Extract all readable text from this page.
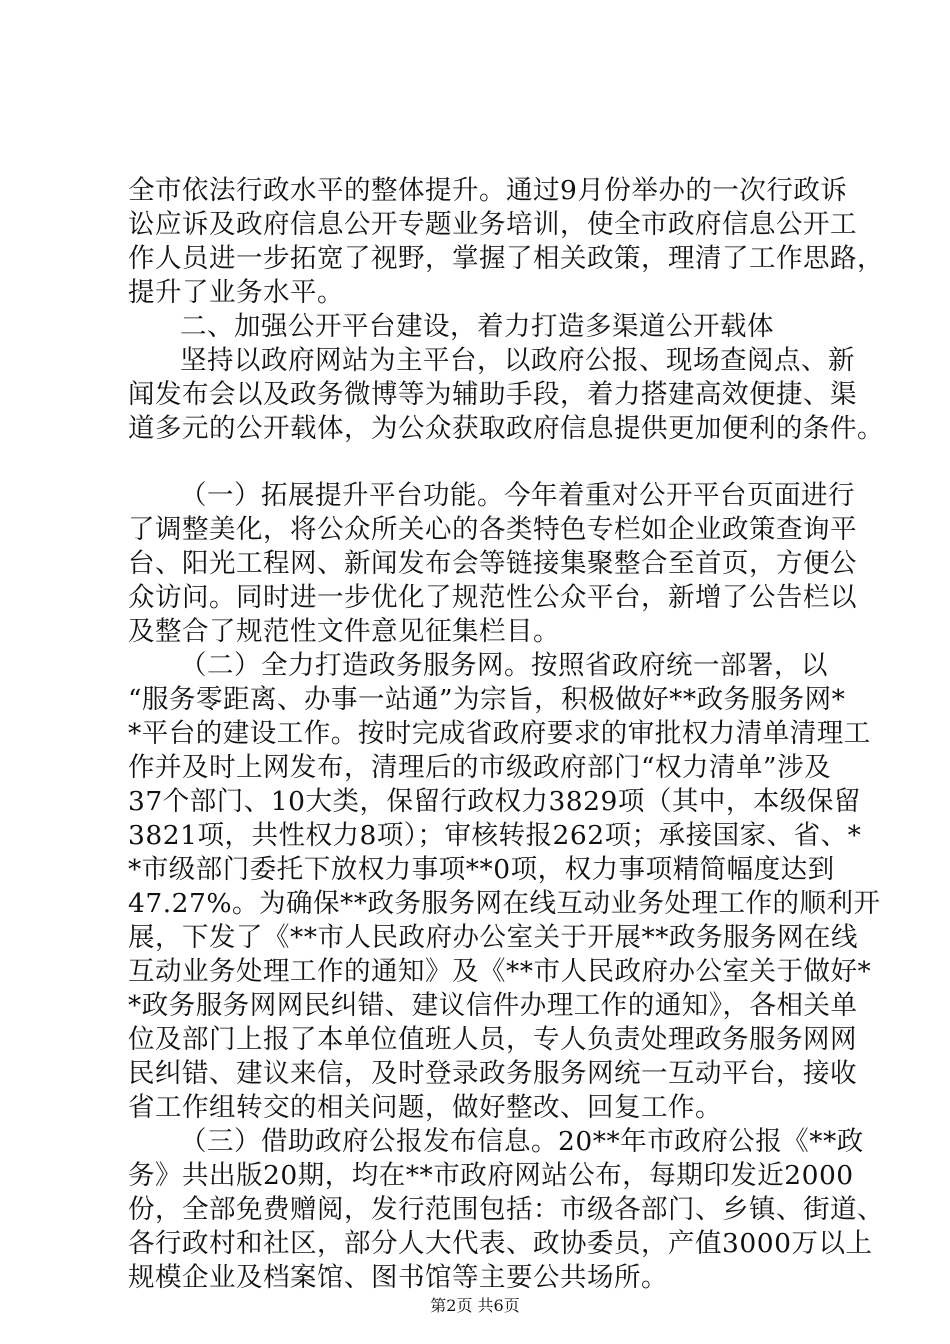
全市依法行政水平的整体提升。通过9月份举办的一次行政诉
讼应诉及政府信息公开专题业务培训，使全市政府信息公开工
作人员进一步拓宽了视野，掌握了相关政策，理清了工作思路，
提升了业务水平。
二、加强公开平台建设，着力打造多渠道公开载体
坚持以政府网站为主平台，以政府公报、现场查阅点、新
闻发布会以及政务微博等为辅助手段，着力搭建高效便捷、渠
道多元的公开载体，为公众获取政府信息提供更加便利的条件。
（一）拓展提升平台功能。今年着重对公开平台页面进行
了调整美化，将公众所关心的各类特色专栏如企业政策查询平
台、阳光工程网、新闻发布会等链接集聚整合至首页，方便公
众访问。同时进一步优化了规范性公众平台，新增了公告栏以
及整合了规范性文件意见征集栏目。
（二）全力打造政务服务网。按照省政府统一部署，以
“服务零距离、办事一站通”为宗旨，积极做好**政务服务网*
*平台的建设工作。按时完成省政府要求的审批权力清单清理工
作并及时上网发布，清理后的市级政府部门“权力清单”涉及
37个部门、10大类，保留行政权力3829项（其中，本级保留
3821项，共性权力8项）；审核转报262项；承接国家、省、*
*市级部门委托下放权力事项**0项，权力事项精简幅度达到
47.27%。为确保**政务服务网在线互动业务处理工作的顺利开
展，下发了《**市人民政府办公室关于开展**政务服务网在线
互动业务处理工作的通知》及《**市人民政府办公室关于做好*
*政务服务网网民纠错、建议信件办理工作的通知》，各相关单
位及部门上报了本单位值班人员，专人负责处理政务服务网网
民纠错、建议来信，及时登录政务服务网统一互动平台，接收
省工作组转交的相关问题，做好整改、回复工作。
（三）借助政府公报发布信息。20**年市政府公报《**政
务》共出版20期，均在**市政府网站公布，每期印发近2000
份，全部免费赠阅，发行范围包括：市级各部门、乡镇、街道、
各行政村和社区，部分人大代表、政协委员，产值3000万以上
规模企业及档案馆、图书馆等主要公共场所。
第2页 共6页
